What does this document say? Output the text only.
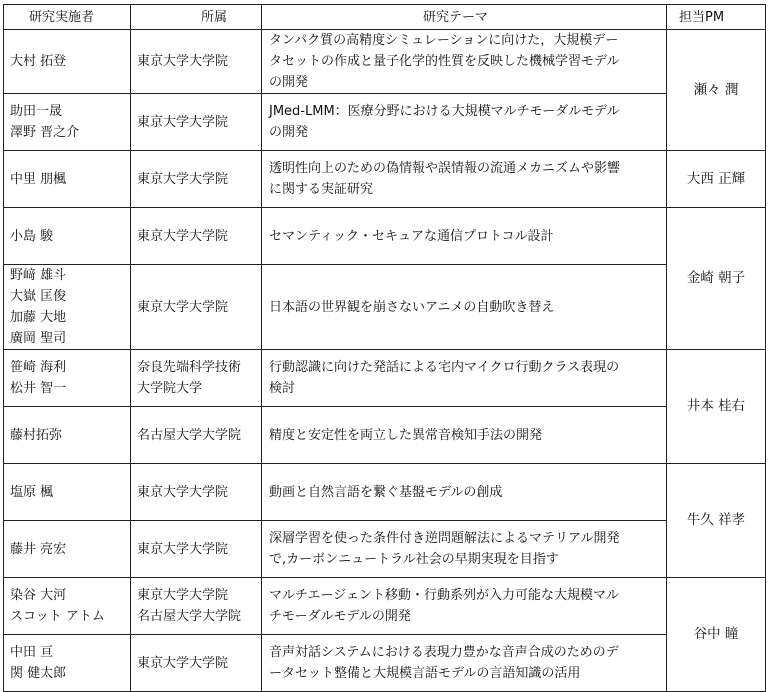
研究実施者	所属	研究テーマ	担当PM

大村 拓登	東京大学大学院	タンパク質の高精度シミュレーションに向けた，大規模デー
タセットの作成と量子化学的性質を反映した機械学習モデル
の開発	瀬々 潤

助田一晟
澤野 晋之介	東京大学大学院	JMed-LMM：医療分野における大規模マルチモーダルモデル
の開発	

中里 朋楓	東京大学大学院	透明性向上のための偽情報や誤情報の流通メカニズムや影響
に関する実証研究	大西 正輝

小島 駿	東京大学大学院	セマンティック・セキュアな通信プロトコル設計	金崎 朝子

野﨑 雄斗
大嶽 匡俊
加藤 大地
廣岡 聖司	東京大学大学院	日本語の世界観を崩さないアニメの自動吹き替え	

笹崎 海利
松井 智一	奈良先端科学技術
大学院大学	行動認識に向けた発話による宅内マイクロ行動クラス表現の
検討	井本 桂右

藤村拓弥	名古屋大学大学院	精度と安定性を両立した異常音検知手法の開発	

塩原 楓	東京大学大学院	動画と自然言語を繋ぐ基盤モデルの創成	牛久 祥孝

藤井 亮宏	東京大学大学院	深層学習を使った条件付き逆問題解法によるマテリアル開発
で,カーボンニュートラル社会の早期実現を目指す	

染谷 大河
スコット アトム	東京大学大学院
名古屋大学大学院	マルチエージェント移動・行動系列が入力可能な大規模マル
チモーダルモデルの開発	谷中 瞳

中田 亘
関 健太郎	東京大学大学院	音声対話システムにおける表現力豊かな音声合成のためのデ
ータセット整備と大規模言語モデルの言語知識の活用	
